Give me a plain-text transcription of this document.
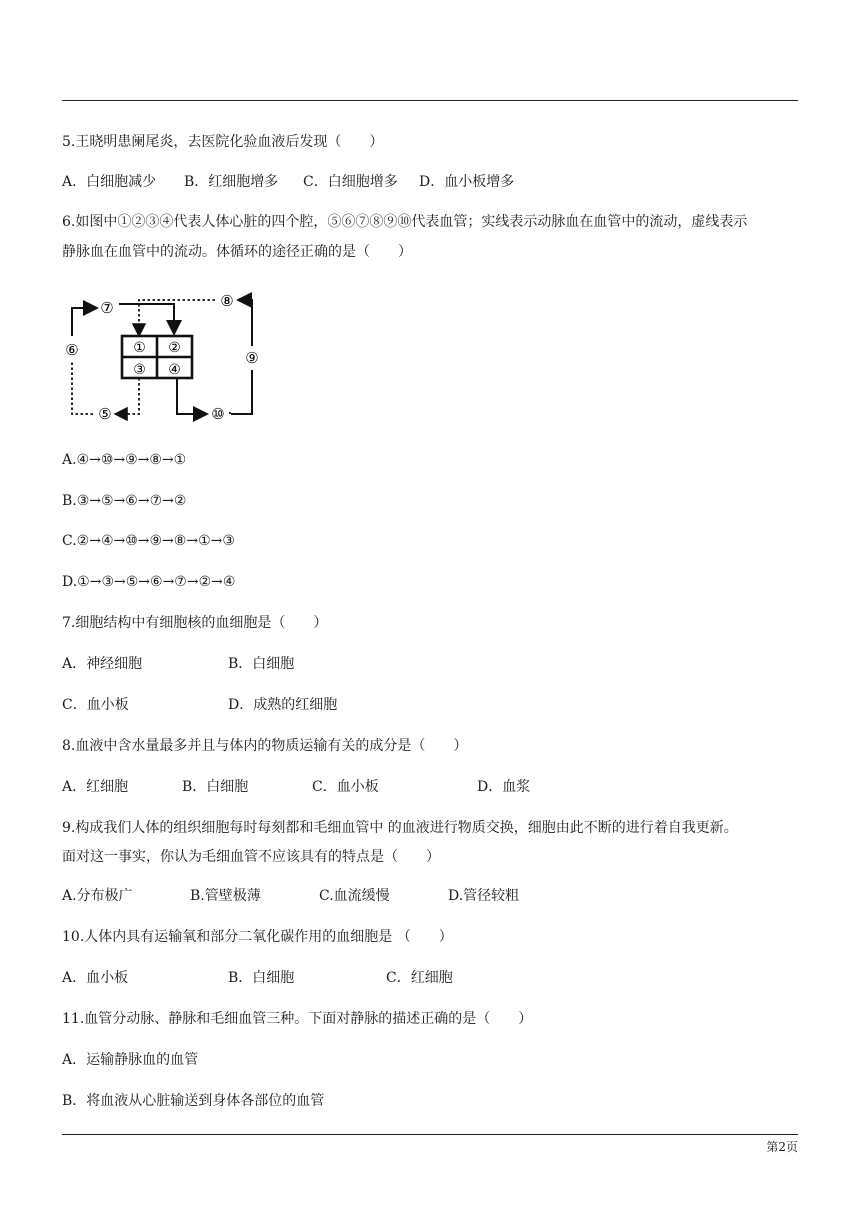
5.王晓明患阑尾炎，去医院化验血液后发现（　　）
A．白细胞减少 B．红细胞增多 C．白细胞增多 D．血小板增多
6.如图中①②③④代表人体心脏的四个腔，⑤⑥⑦⑧⑨⑩代表血管；实线表示动脉血在血管中的流动，虚线表示
静脉血在血管中的流动。体循环的途径正确的是（　　）
① ②
③ ④
⑦	⑧
⑥	⑨
⑤	⑩
A.④→⑩→⑨→⑧→①
B.③→⑤→⑥→⑦→②
C.②→④→⑩→⑨→⑧→①→③
D.①→③→⑤→⑥→⑦→②→④
7.细胞结构中有细胞核的血细胞是（　　）
A．神经细胞	B．白细胞
C．血小板	D．成熟的红细胞
8.血液中含水量最多并且与体内的物质运输有关的成分是（　　）
A．红细胞	B．白细胞	C．血小板	D．血浆
9.构成我们人体的组织细胞每时每刻都和毛细血管中 的血液进行物质交换，细胞由此不断的进行着自我更新。
面对这一事实，你认为毛细血管不应该具有的特点是（　　）
A.分布极广	B.管壁极薄	C.血流缓慢	D.管径较粗
10.人体内具有运输氧和部分二氧化碳作用的血细胞是 （　　）
A．血小板	B．白细胞	C．红细胞
11.血管分动脉、静脉和毛细血管三种。下面对静脉的描述正确的是（　　）
A．运输静脉血的血管
B．将血液从心脏输送到身体各部位的血管
第2页
